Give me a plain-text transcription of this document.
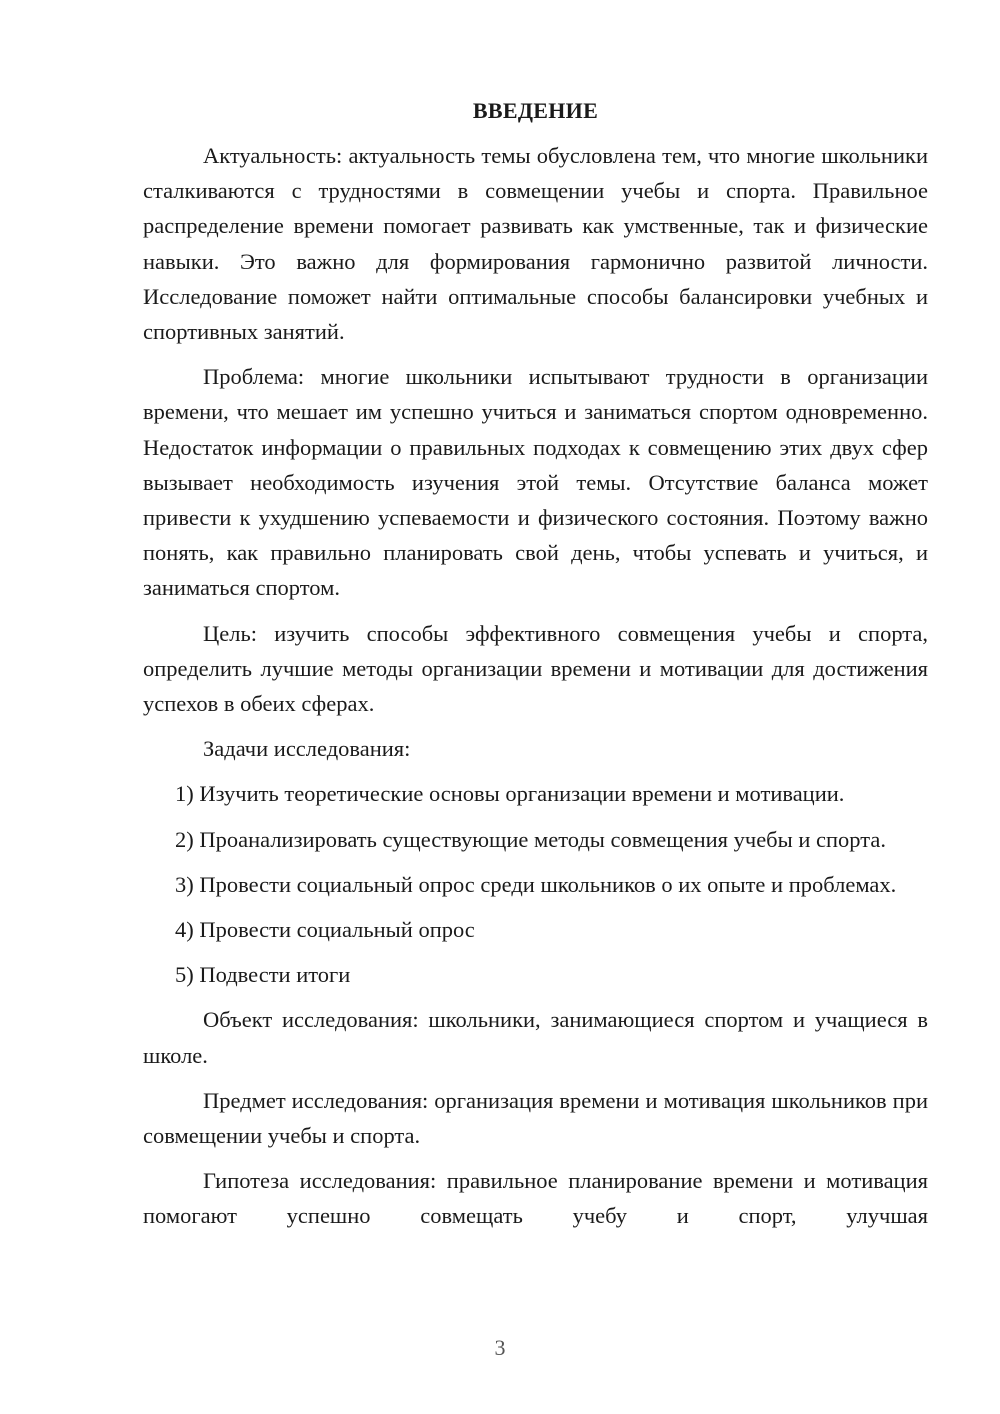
ВВЕДЕНИЕ

Актуальность: актуальность темы обусловлена тем, что многие школьники сталкиваются с трудностями в совмещении учебы и спорта. Правильное распределение времени помогает развивать как умственные, так и физические навыки. Это важно для формирования гармонично развитой личности. Исследование поможет найти оптимальные способы балансировки учебных и спортивных занятий.

Проблема: многие школьники испытывают трудности в организации времени, что мешает им успешно учиться и заниматься спортом одновременно. Недостаток информации о правильных подходах к совмещению этих двух сфер вызывает необходимость изучения этой темы. Отсутствие баланса может привести к ухудшению успеваемости и физического состояния. Поэтому важно понять, как правильно планировать свой день, чтобы успевать и учиться, и заниматься спортом.

Цель: изучить способы эффективного совмещения учебы и спорта, определить лучшие методы организации времени и мотивации для достижения успехов в обеих сферах.

Задачи исследования:

1) Изучить теоретические основы организации времени и мотивации.

2) Проанализировать существующие методы совмещения учебы и спорта.

3) Провести социальный опрос среди школьников о их опыте и проблемах.

4) Провести социальный опрос

5) Подвести итоги

Объект исследования: школьники, занимающиеся спортом и учащиеся в школе.

Предмет исследования: организация времени и мотивация школьников при совмещении учебы и спорта.

Гипотеза исследования: правильное планирование времени и мотивация помогают успешно совмещать учебу и спорт, улучшая

3
